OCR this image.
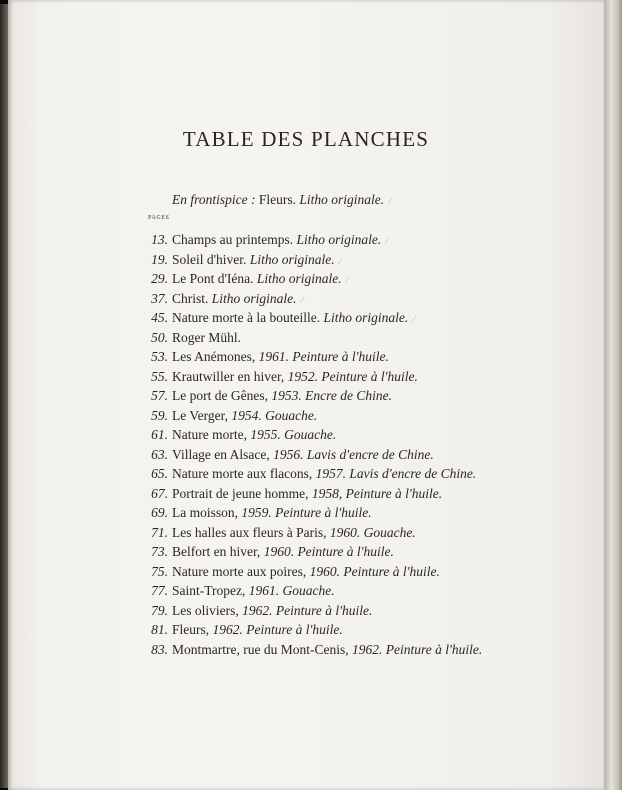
TABLE DES PLANCHES
En frontispice : Fleurs. Litho originale. ⁄
PAGES
13. Champs au printemps. Litho originale. ⁄
19. Soleil d'hiver. Litho originale. ⁄
29. Le Pont d'Iéna. Litho originale. ⁄
37. Christ. Litho originale. ⁄
45. Nature morte à la bouteille. Litho originale. ⁄
50. Roger Mühl.
53. Les Anémones, 1961. Peinture à l'huile.
55. Krautwiller en hiver, 1952. Peinture à l'huile.
57. Le port de Gênes, 1953. Encre de Chine.
59. Le Verger, 1954. Gouache.
61. Nature morte, 1955. Gouache.
63. Village en Alsace, 1956. Lavis d'encre de Chine.
65. Nature morte aux flacons, 1957. Lavis d'encre de Chine.
67. Portrait de jeune homme, 1958, Peinture à l'huile.
69. La moisson, 1959. Peinture à l'huile.
71. Les halles aux fleurs à Paris, 1960. Gouache.
73. Belfort en hiver, 1960. Peinture à l'huile.
75. Nature morte aux poires, 1960. Peinture à l'huile.
77. Saint-Tropez, 1961. Gouache.
79. Les oliviers, 1962. Peinture à l'huile.
81. Fleurs, 1962. Peinture à l'huile.
83. Montmartre, rue du Mont-Cenis, 1962. Peinture à l'huile.
